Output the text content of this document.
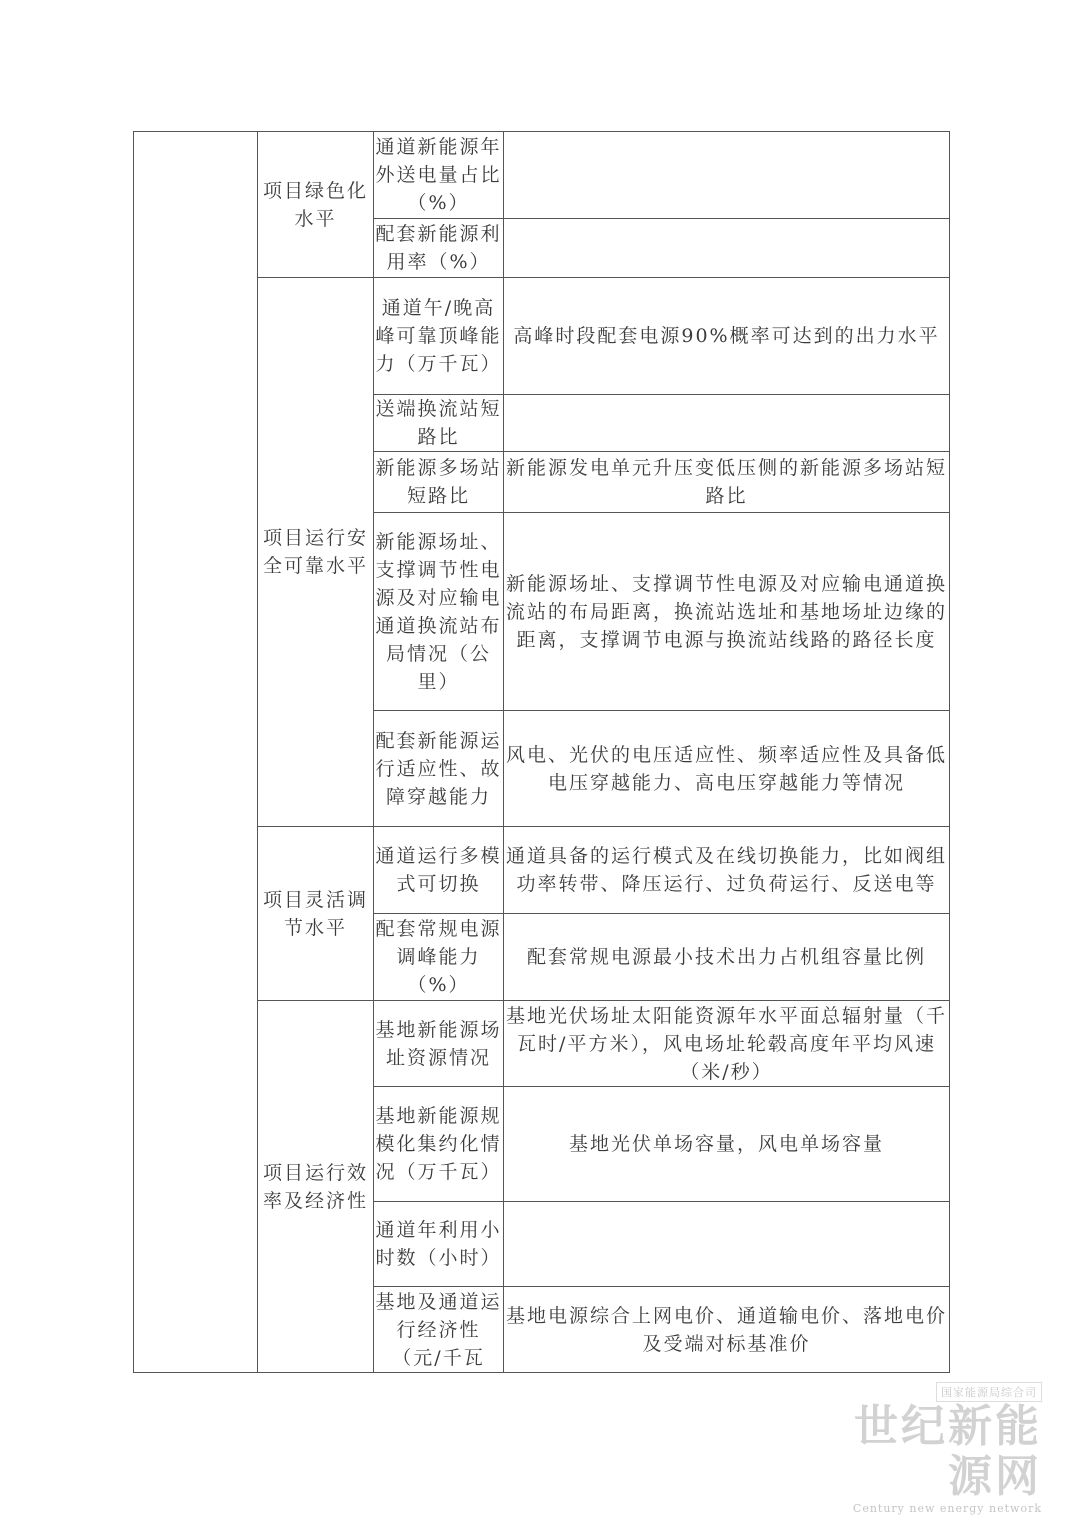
	项目绿色化水平	通道新能源年外送电量占比（%）	
		配套新能源利用率（%）	
	项目运行安全可靠水平	通道午/晚高峰可靠顶峰能力（万千瓦）	高峰时段配套电源90%概率可达到的出力水平
		送端换流站短路比	
		新能源多场站短路比	新能源发电单元升压变低压侧的新能源多场站短路比
		新能源场址、支撑调节性电源及对应输电通道换流站布局情况（公里）	新能源场址、支撑调节性电源及对应输电通道换流站的布局距离，换流站选址和基地场址边缘的距离，支撑调节电源与换流站线路的路径长度
		配套新能源运行适应性、故障穿越能力	风电、光伏的电压适应性、频率适应性及具备低电压穿越能力、高电压穿越能力等情况
	项目灵活调节水平	通道运行多模式可切换	通道具备的运行模式及在线切换能力，比如阀组功率转带、降压运行、过负荷运行、反送电等
		配套常规电源调峰能力（%）	配套常规电源最小技术出力占机组容量比例
	项目运行效率及经济性	基地新能源场址资源情况	基地光伏场址太阳能资源年水平面总辐射量（千瓦时/平方米），风电场址轮毂高度年平均风速（米/秒）
		基地新能源规模化集约化情况（万千瓦）	基地光伏单场容量，风电单场容量
		通道年利用小时数（小时）	
		基地及通道运行经济性（元/千瓦	基地电源综合上网电价、通道输电价、落地电价及受端对标基准价
国家能源局综合司
世纪新能源网
Century new energy network
